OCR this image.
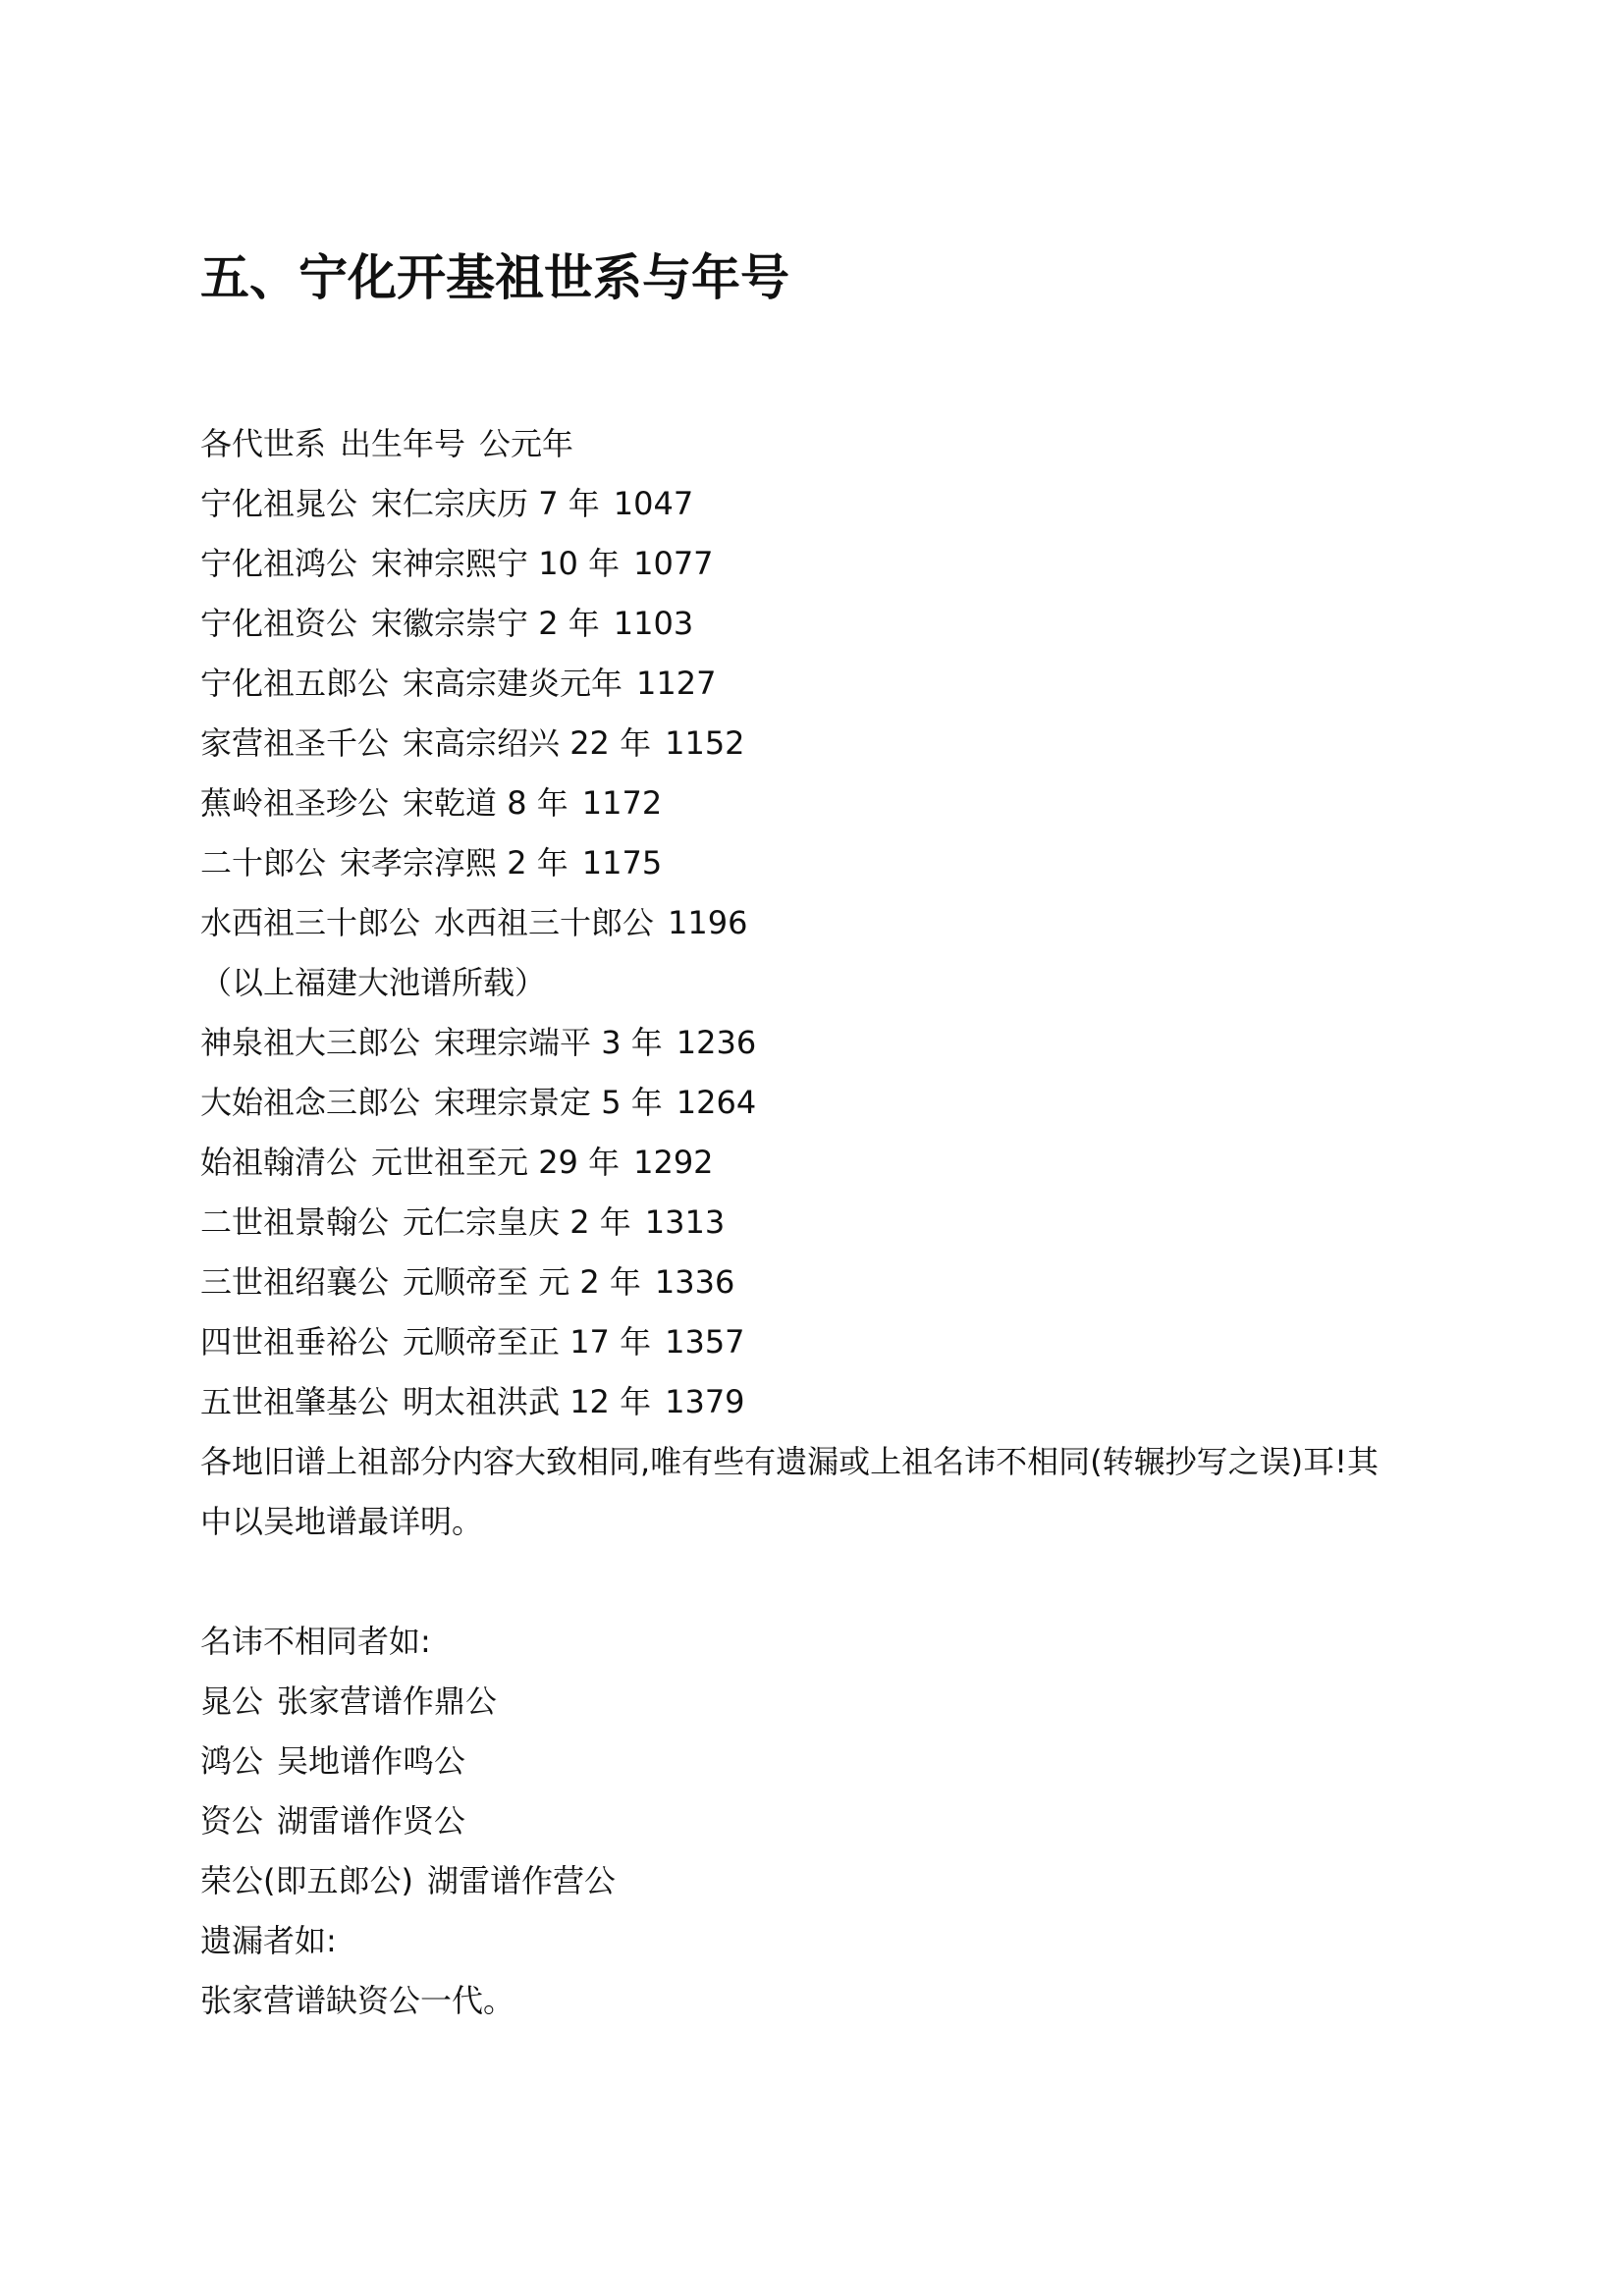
五、宁化开基祖世系与年号
各代世系 出生年号 公元年
宁化祖晁公 宋仁宗庆历 7 年 1047
宁化祖鸿公 宋神宗熙宁 10 年 1077
宁化祖资公 宋徽宗崇宁 2 年 1103
宁化祖五郎公 宋高宗建炎元年 1127
家营祖圣千公 宋高宗绍兴 22 年 1152
蕉岭祖圣珍公 宋乾道 8 年 1172
二十郎公 宋孝宗淳熙 2 年 1175
水西祖三十郎公 水西祖三十郎公 1196
（以上福建大池谱所载）
神泉祖大三郎公 宋理宗端平 3 年 1236
大始祖念三郎公 宋理宗景定 5 年 1264
始祖翰清公 元世祖至元 29 年 1292
二世祖景翰公 元仁宗皇庆 2 年 1313
三世祖绍襄公 元顺帝至 元 2 年 1336
四世祖垂裕公 元顺帝至正 17 年 1357
五世祖肇基公 明太祖洪武 12 年 1379
各地旧谱上祖部分内容大致相同,唯有些有遗漏或上祖名讳不相同(转辗抄写之误)耳!其
中以吴地谱最详明。
名讳不相同者如:
晁公 张家营谱作鼎公
鸿公 吴地谱作鸣公
资公 湖雷谱作贤公
荣公(即五郎公) 湖雷谱作营公
遗漏者如:
张家营谱缺资公一代。
